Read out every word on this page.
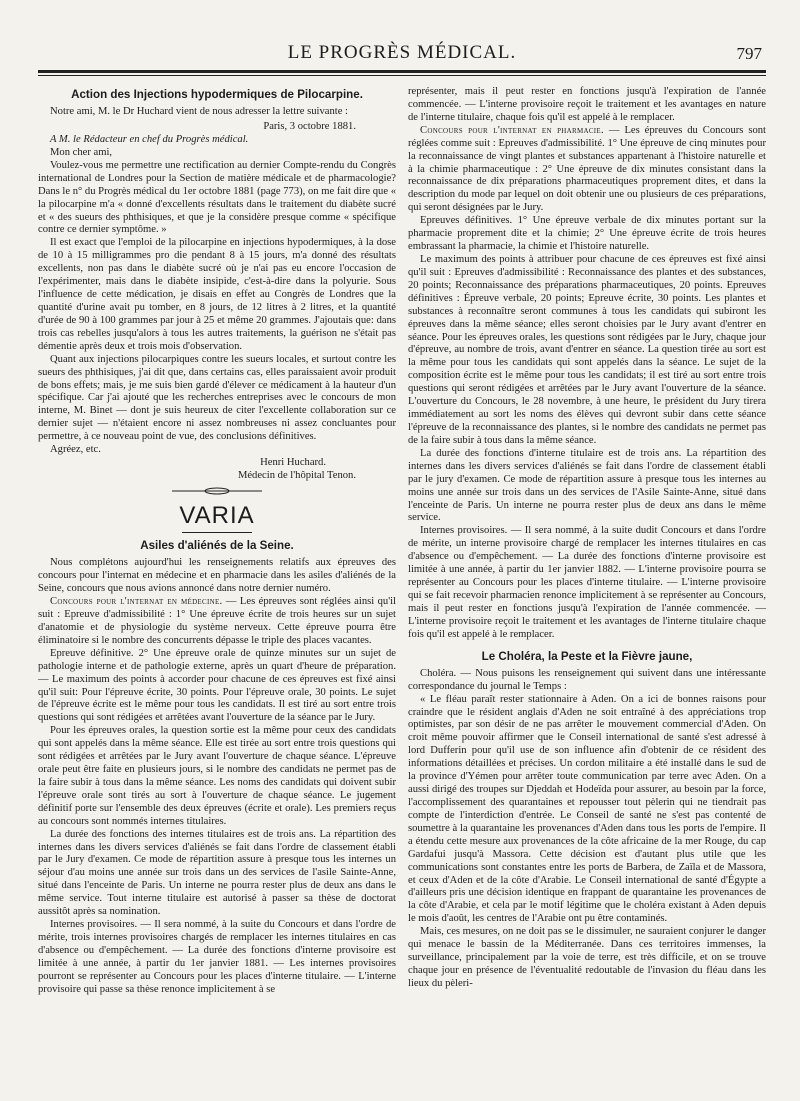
LE PROGRÈS MÉDICAL.	797
Action des Injections hypodermiques de Pilocarpine.

Notre ami, M. le Dr Huchard vient de nous adresser la lettre suivante :

Paris, 3 octobre 1881.

A M. le Rédacteur en chef du Progrès médical.

Mon cher ami,

Voulez-vous me permettre une rectification au dernier Compte-rendu du Congrès international de Londres pour la Section de matière médicale et de pharmacologie? Dans le n° du Progrès médical du 1er octobre 1881 (page 773), on me fait dire que « la pilocarpine m'a « donné d'excellents résultats dans le traitement du diabète sucré et « des sueurs des phthisiques, et que je la considère presque comme « spécifique contre ce dernier symptôme. »

Il est exact que l'emploi de la pilocarpine en injections hypodermiques, à la dose de 10 à 15 milligrammes pro die pendant 8 à 15 jours, m'a donné des résultats excellents, non pas dans le diabète sucré où je n'ai pas eu encore l'occasion de l'expérimenter, mais dans le diabète insipide, c'est-à-dire dans la polyurie. Sous l'influence de cette médication, je disais en effet au Congrès de Londres que la quantité d'urine avait pu tomber, en 8 jours, de 12 litres à 2 litres, et la quantité d'urée de 90 à 100 grammes par jour à 25 et même 20 grammes. J'ajoutais que: dans trois cas rebelles jusqu'alors à tous les autres traitements, la guérison ne s'était pas démentie après deux et trois mois d'observation.

Quant aux injections pilocarpiques contre les sueurs locales, et surtout contre les sueurs des phthisiques, j'ai dit que, dans certains cas, elles paraissaient avoir produit de bons effets; mais, je me suis bien gardé d'élever ce médicament à la hauteur d'un spécifique. Car j'ai ajouté que les recherches entreprises avec le concours de mon interne, M. Binet — dont je suis heureux de citer l'excellente collaboration sur ce dernier sujet — n'étaient encore ni assez nombreuses ni assez concluantes pour permettre, à ce nouveau point de vue, des conclusions définitives.

Agréez, etc.

Henri Huchard.

Médecin de l'hôpital Tenon.

VARIA
Asiles d'aliénés de la Seine.

Nous complétons aujourd'hui les renseignements relatifs aux épreuves des concours pour l'internat en médecine et en pharmacie dans les asiles d'aliénés de la Seine, concours que nous avions annoncé dans notre dernier numéro.

Concours pour l'internat en médecine. — Les épreuves sont réglées ainsi qu'il suit : Epreuve d'admissibilité : 1° Une épreuve écrite de trois heures sur un sujet d'anatomie et de physiologie du système nerveux. Cette épreuve pourra être éliminatoire si le nombre des concurrents dépasse le triple des places vacantes.

Epreuve définitive. 2° Une épreuve orale de quinze minutes sur un sujet de pathologie interne et de pathologie externe, après un quart d'heure de préparation. — Le maximum des points à accorder pour chacune de ces épreuves est fixé ainsi qu'il suit: Pour l'épreuve écrite, 30 points. Pour l'épreuve orale, 30 points. Le sujet de l'épreuve écrite est le même pour tous les candidats. Il est tiré au sort entre trois questions qui sont rédigées et arrêtées avant l'ouverture de la séance par le Jury.

Pour les épreuves orales, la question sortie est la même pour ceux des candidats qui sont appelés dans la même séance. Elle est tirée au sort entre trois questions qui sont rédigées et arrêtées par le Jury avant l'ouverture de chaque séance. L'épreuve orale peut être faite en plusieurs jours, si le nombre des candidats ne permet pas de la faire subir à tous dans la même séance. Les noms des candidats qui doivent subir l'épreuve orale sont tirés au sort à l'ouverture de chaque séance. Le jugement définitif porte sur l'ensemble des deux épreuves (écrite et orale). Les premiers reçus au concours sont nommés internes titulaires.

La durée des fonctions des internes titulaires est de trois ans. La répartition des internes dans les divers services d'aliénés se fait dans l'ordre de classement établi par le Jury d'examen. Ce mode de répartition assure à presque tous les internes un séjour d'au moins une année sur trois dans un des services de l'asile Sainte-Anne, situé dans l'enceinte de Paris. Un interne ne pourra rester plus de deux ans dans le même service. Tout interne titulaire est autorisé à passer sa thèse de doctorat aussitôt après sa nomination.

Internes provisoires. — Il sera nommé, à la suite du Concours et dans l'ordre de mérite, trois internes provisoires chargés de remplacer les internes titulaires en cas d'absence ou d'empêchement. — La durée des fonctions d'interne provisoire est limitée à une année, à partir du 1er janvier 1881. — Les internes provisoires pourront se représenter au Concours pour les places d'interne titulaire. — L'interne provisoire qui passe sa thèse renonce implicitement à se

représenter, mais il peut rester en fonctions jusqu'à l'expiration de l'année commencée. — L'interne provisoire reçoit le traitement et les avantages en nature de l'interne titulaire, chaque fois qu'il est appelé à le remplacer.

Concours pour l'internat en pharmacie. — Les épreuves du Concours sont réglées comme suit : Epreuves d'admissibilité. 1° Une épreuve de cinq minutes pour la reconnaissance de vingt plantes et substances appartenant à l'histoire naturelle et à la chimie pharmaceutique : 2° Une épreuve de dix minutes consistant dans la reconnaissance de dix préparations pharmaceutiques proprement dites, et dans la description du mode par lequel on doit obtenir une ou plusieurs de ces préparations, qui seront désignées par le Jury.

Epreuves définitives. 1° Une épreuve verbale de dix minutes portant sur la pharmacie proprement dite et la chimie; 2° Une épreuve écrite de trois heures embrassant la pharmacie, la chimie et l'histoire naturelle.

Le maximum des points à attribuer pour chacune de ces épreuves est fixé ainsi qu'il suit : Epreuves d'admissibilité : Reconnaissance des plantes et des substances, 20 points; Reconnaissance des préparations pharmaceutiques, 20 points. Epreuves définitives : Épreuve verbale, 20 points; Epreuve écrite, 30 points. Les plantes et substances à reconnaître seront communes à tous les candidats qui subiront les épreuves dans la même séance; elles seront choisies par le Jury avant d'entrer en séance. Pour les épreuves orales, les questions sont rédigées par le Jury, chaque jour d'épreuve, au nombre de trois, avant d'entrer en séance. La question tirée au sort est la même pour tous les candidats qui sont appelés dans la séance. Le sujet de la composition écrite est le même pour tous les candidats; il est tiré au sort entre trois questions qui seront rédigées et arrêtées par le Jury avant l'ouverture de la séance. L'ouverture du Concours, le 28 novembre, à une heure, le président du Jury tirera immédiatement au sort les noms des élèves qui devront subir dans cette séance l'épreuve de la reconnaissance des plantes, si le nombre des candidats ne permet pas de la faire subir à tous dans la même séance.

La durée des fonctions d'interne titulaire est de trois ans. La répartition des internes dans les divers services d'aliénés se fait dans l'ordre de classement établi par le jury d'examen. Ce mode de répartition assure à presque tous les internes au moins une année sur trois dans un des services de l'Asile Sainte-Anne, situé dans l'enceinte de Paris. Un interne ne pourra rester plus de deux ans dans le même service.

Internes provisoires. — Il sera nommé, à la suite dudit Concours et dans l'ordre de mérite, un interne provisoire chargé de remplacer les internes titulaires en cas d'absence ou d'empêchement. — La durée des fonctions d'interne provisoire est limitée à une année, à partir du 1er janvier 1882. — L'interne provisoire pourra se représenter au Concours pour les places d'interne titulaire. — L'interne provisoire qui se fait recevoir pharmacien renonce implicitement à se représenter au Concours, mais il peut rester en fonctions jusqu'à l'expiration de l'année commencée. — L'interne provisoire reçoit le traitement et les avantages de l'interne titulaire chaque fois qu'il est appelé à le remplacer.

Le Choléra, la Peste et la Fièvre jaune,

Choléra. — Nous puisons les renseignement qui suivent dans une intéressante correspondance du journal le Temps :

« Le fléau paraît rester stationnaire à Aden. On a ici de bonnes raisons pour craindre que le résident anglais d'Aden ne soit entraîné à des appréciations trop optimistes, par son désir de ne pas arrêter le mouvement commercial d'Aden. On croit même pouvoir affirmer que le Conseil international de santé s'est adressé à lord Dufferin pour qu'il use de son influence afin d'obtenir de ce résident des informations détaillées et précises. Un cordon militaire a été installé dans le sud de la province d'Yémen pour arrêter toute communication par terre avec Aden. On a aussi dirigé des troupes sur Djeddah et Hodeïda pour assurer, au besoin par la force, l'accomplissement des quarantaines et repousser tout pèlerin qui ne tiendrait pas compte de l'interdiction d'entrée. Le Conseil de santé ne s'est pas contenté de soumettre à la quarantaine les provenances d'Aden dans tous les ports de l'empire. Il a étendu cette mesure aux provenances de la côte africaine de la mer Rouge, du cap Gardafui jusqu'à Massora. Cette décision est d'autant plus utile que les communications sont constantes entre les ports de Barbera, de Zaïla et de Massora, et ceux d'Aden et de la côte d'Arabie. Le Conseil international de santé d'Égypte a d'ailleurs pris une décision identique en frappant de quarantaine les provenances de la côte d'Arabie, et cela par le motif légitime que le choléra existant à Aden depuis le mois d'août, les centres de l'Arabie ont pu être contaminés.

Mais, ces mesures, on ne doit pas se le dissimuler, ne sauraient conjurer le danger qui menace le bassin de la Méditerranée. Dans ces territoires immenses, la surveillance, principalement par la voie de terre, est très difficile, et on se trouve chaque jour en présence de l'éventualité redoutable de l'invasion du fléau dans les lieux du pèleri-
